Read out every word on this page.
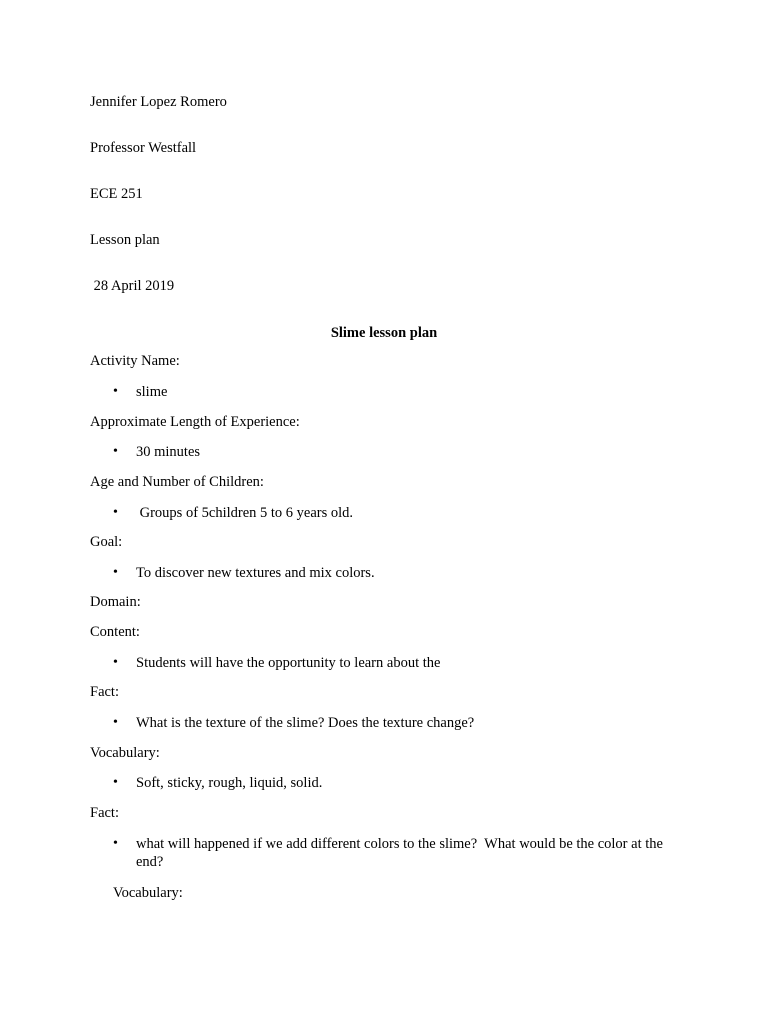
Jennifer Lopez Romero
Professor Westfall
ECE 251
Lesson plan
28 April 2019
Slime lesson plan
Activity Name:
• slime
Approximate Length of Experience:
• 30 minutes
Age and Number of Children:
• Groups of 5children 5 to 6 years old.
Goal:
• To discover new textures and mix colors.
Domain:
Content:
• Students will have the opportunity to learn about the
Fact:
• What is the texture of the slime? Does the texture change?
Vocabulary:
• Soft, sticky, rough, liquid, solid.
Fact:
• what will happened if we add different colors to the slime?  What would be the color at the end?
Vocabulary:
